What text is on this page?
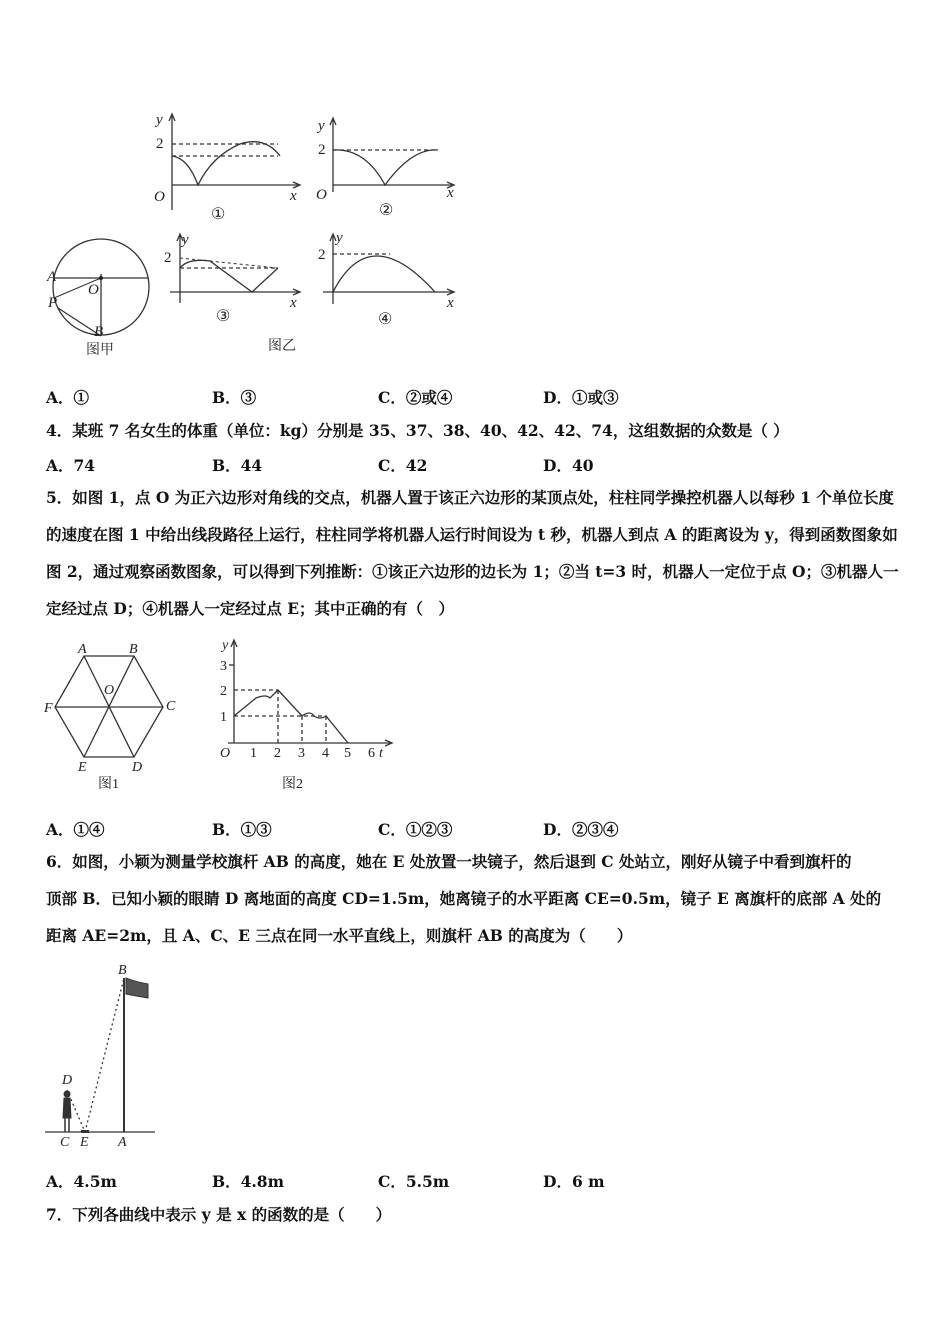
y
2
O	x
①
y
2
O	x
②
A
P
O
B
图甲
y
2
x
③
y
2
x
④
图乙
A．①	B．③	C．②或④	D．①或③
4．某班 7 名女生的体重（单位：kg）分别是 35、37、38、40、42、42、74，这组数据的众数是（ ）
A．74	B．44	C．42	D．40
5．如图 1，点 O 为正六边形对角线的交点，机器人置于该正六边形的某顶点处，柱柱同学操控机器人以每秒 1 个单位长度的速度在图 1 中给出线段路径上运行，柱柱同学将机器人运行时间设为 t 秒，机器人到点 A 的距离设为 y，得到函数图象如图 2，通过观察函数图象，可以得到下列推断：①该正六边形的边长为 1；②当 t=3 时，机器人一定位于点 O；③机器人一定经过点 D；④机器人一定经过点 E；其中正确的有（　）
A	B
C
D
E
F
O
图1
y
3
2
1
O 1 2 3 4 5 6 t
图2
A．①④	B．①③	C．①②③	D．②③④
6．如图，小颖为测量学校旗杆 AB 的高度，她在 E 处放置一块镜子，然后退到 C 处站立，刚好从镜子中看到旗杆的
顶部 B．已知小颖的眼睛 D 离地面的高度 CD=1.5m，她离镜子的水平距离 CE=0.5m，镜子 E 离旗杆的底部 A 处的
距离 AE=2m，且 A、C、E 三点在同一水平直线上，则旗杆 AB 的高度为（　　）
B
D
C E A
A．4.5m	B．4.8m	C．5.5m	D．6 m
7．下列各曲线中表示 y 是 x 的函数的是（　　）
